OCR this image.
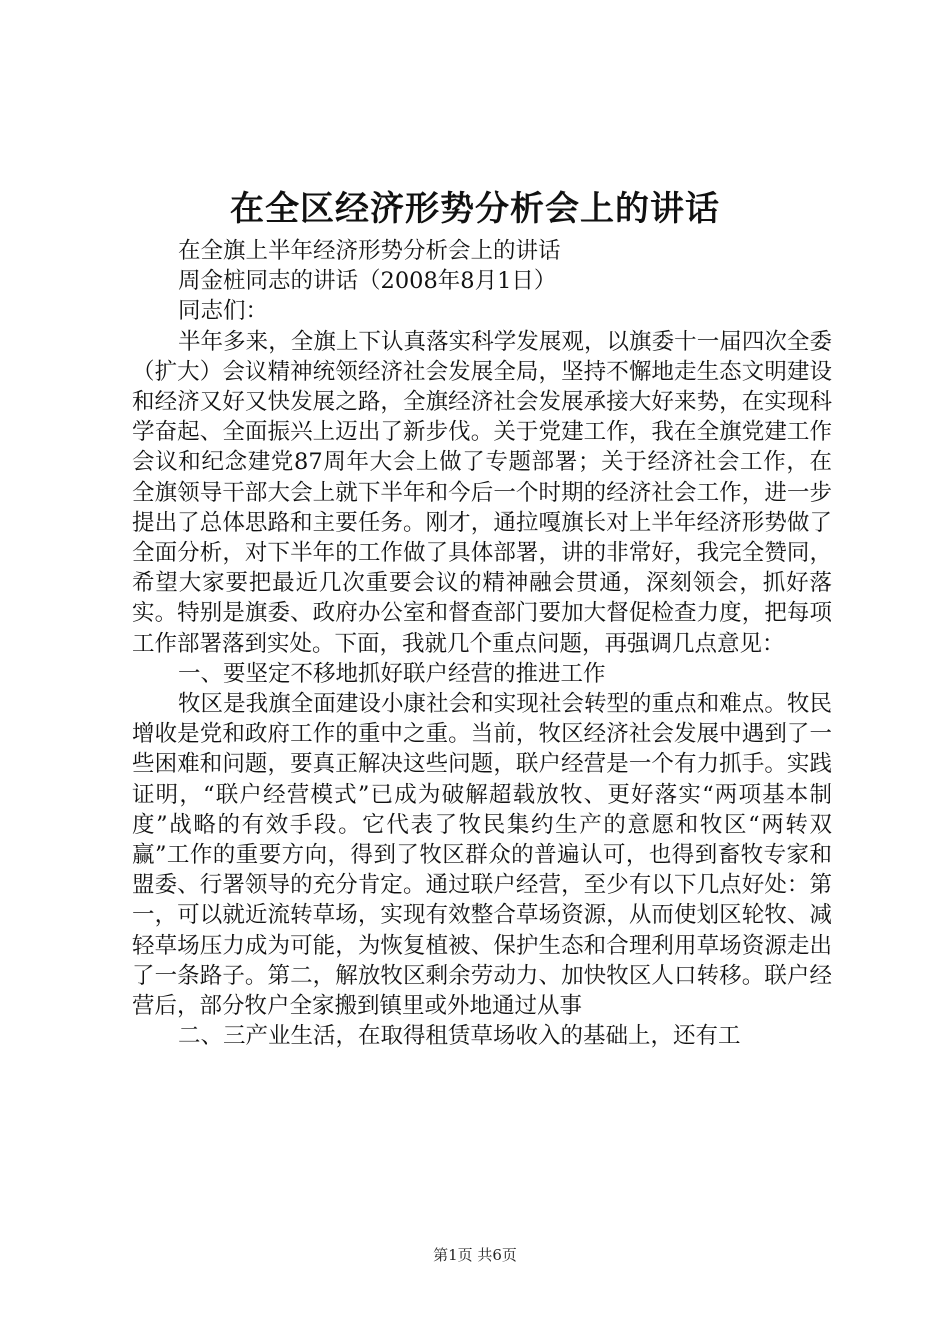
在全区经济形势分析会上的讲话

在全旗上半年经济形势分析会上的讲话

周金桩同志的讲话（2008年8月1日）

同志们：

半年多来，全旗上下认真落实科学发展观，以旗委十一届四次全委（扩大）会议精神统领经济社会发展全局，坚持不懈地走生态文明建设和经济又好又快发展之路，全旗经济社会发展承接大好来势，在实现科学奋起、全面振兴上迈出了新步伐。关于党建工作，我在全旗党建工作会议和纪念建党87周年大会上做了专题部署；关于经济社会工作，在全旗领导干部大会上就下半年和今后一个时期的经济社会工作，进一步提出了总体思路和主要任务。刚才，通拉嘎旗长对上半年经济形势做了全面分析，对下半年的工作做了具体部署，讲的非常好，我完全赞同，希望大家要把最近几次重要会议的精神融会贯通，深刻领会，抓好落实。特别是旗委、政府办公室和督查部门要加大督促检查力度，把每项工作部署落到实处。下面，我就几个重点问题，再强调几点意见：

一、要坚定不移地抓好联户经营的推进工作

牧区是我旗全面建设小康社会和实现社会转型的重点和难点。牧民增收是党和政府工作的重中之重。当前，牧区经济社会发展中遇到了一些困难和问题，要真正解决这些问题，联户经营是一个有力抓手。实践证明，“联户经营模式”已成为破解超载放牧、更好落实“两项基本制度”战略的有效手段。它代表了牧民集约生产的意愿和牧区“两转双赢”工作的重要方向，得到了牧区群众的普遍认可，也得到畜牧专家和盟委、行署领导的充分肯定。通过联户经营，至少有以下几点好处：第一，可以就近流转草场，实现有效整合草场资源，从而使划区轮牧、减轻草场压力成为可能，为恢复植被、保护生态和合理利用草场资源走出了一条路子。第二，解放牧区剩余劳动力、加快牧区人口转移。联户经营后，部分牧户全家搬到镇里或外地通过从事

二、三产业生活，在取得租赁草场收入的基础上，还有工

第1页 共6页
